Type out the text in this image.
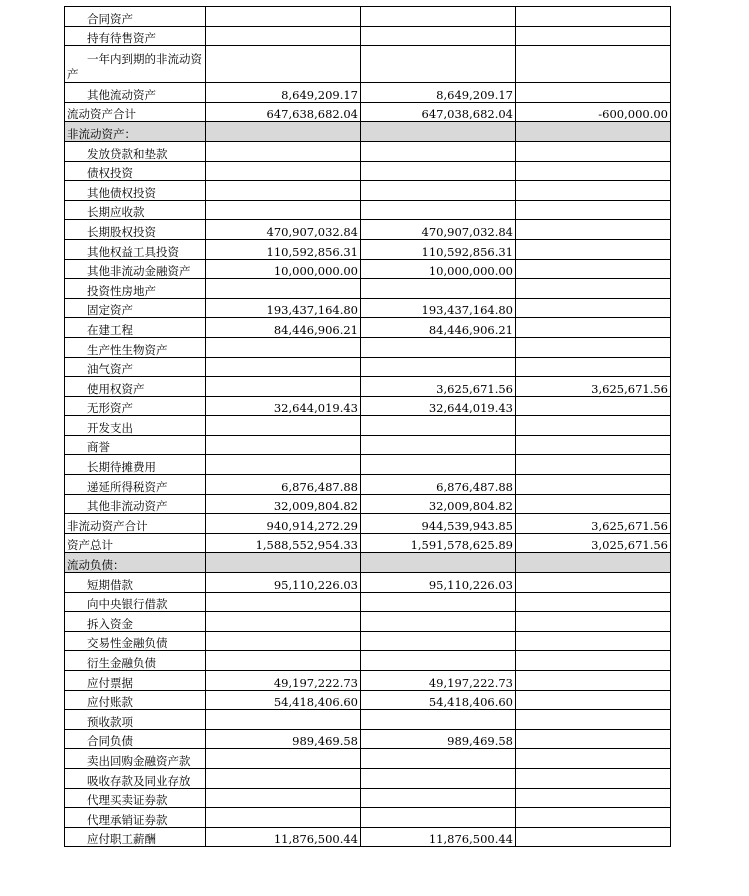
合同资产			
持有待售资产			
一年内到期的非流动资产			
其他流动资产	8,649,209.17	8,649,209.17	
流动资产合计	647,638,682.04	647,038,682.04	-600,000.00
非流动资产：			
发放贷款和垫款			
债权投资			
其他债权投资			
长期应收款			
长期股权投资	470,907,032.84	470,907,032.84	
其他权益工具投资	110,592,856.31	110,592,856.31	
其他非流动金融资产	10,000,000.00	10,000,000.00	
投资性房地产			
固定资产	193,437,164.80	193,437,164.80	
在建工程	84,446,906.21	84,446,906.21	
生产性生物资产			
油气资产			
使用权资产		3,625,671.56	3,625,671.56
无形资产	32,644,019.43	32,644,019.43	
开发支出			
商誉			
长期待摊费用			
递延所得税资产	6,876,487.88	6,876,487.88	
其他非流动资产	32,009,804.82	32,009,804.82	
非流动资产合计	940,914,272.29	944,539,943.85	3,625,671.56
资产总计	1,588,552,954.33	1,591,578,625.89	3,025,671.56
流动负债：			
短期借款	95,110,226.03	95,110,226.03	
向中央银行借款			
拆入资金			
交易性金融负债			
衍生金融负债			
应付票据	49,197,222.73	49,197,222.73	
应付账款	54,418,406.60	54,418,406.60	
预收款项			
合同负债	989,469.58	989,469.58	
卖出回购金融资产款			
吸收存款及同业存放			
代理买卖证券款			
代理承销证券款			
应付职工薪酬	11,876,500.44	11,876,500.44	
